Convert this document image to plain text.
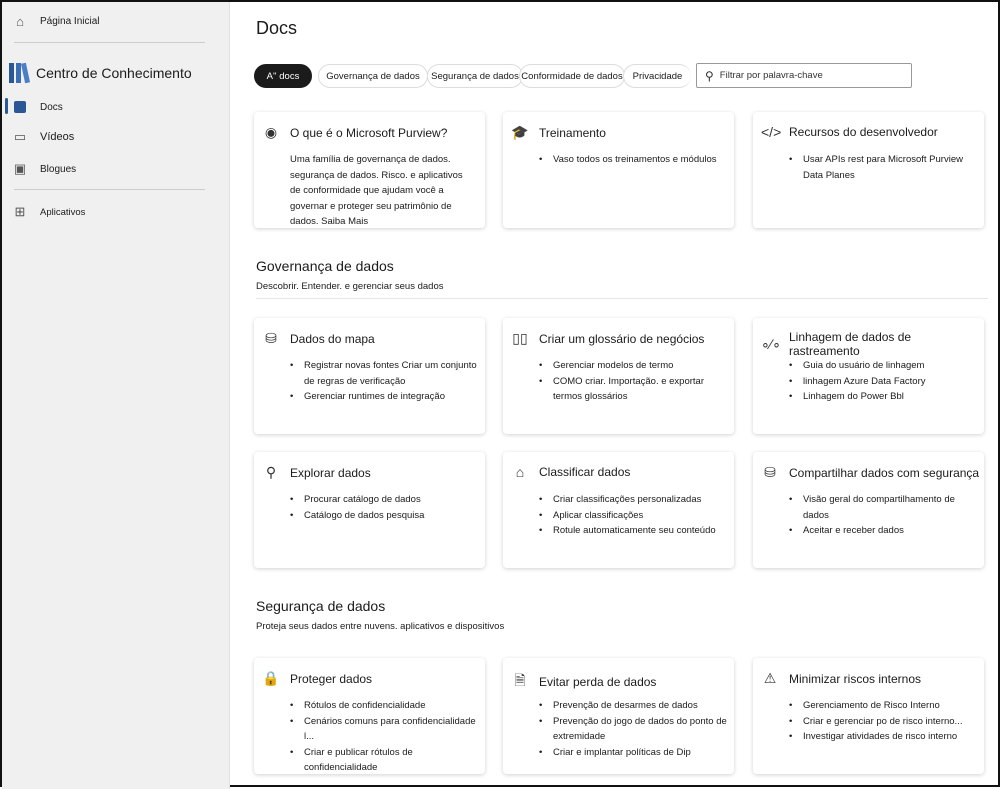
⌂	Página Inicial
Centro de Conhecimento
Docs
▭ Vídeos
▣ Blogues
⊞ Aplicativos
Docs
A'' docs	Governança de dados	Segurança de dados Conformidade de dados	Privacidade	⚲ Filtrar por palavra-chave
◉ O que é o Microsoft Purview?

Uma família de governança de dados. segurança de dados. Risco. e aplicativos de conformidade que ajudam você a governar e proteger seu patrimônio de dados. Saiba Mais

🎓 Treinamento
• Vaso todos os treinamentos e módulos
</> Recursos do desenvolvedor
• Usar APIs rest para Microsoft Purview Data Planes
Governança de dados
Descobrir. Entender. e gerenciar seus dados
⛁ Dados do mapa
• Registrar novas fontes Criar um conjunto de regras de verificação
• Gerenciar runtimes de integração
▯▯ Criar um glossário de negócios
• Gerenciar modelos de termo
• COMO criar. Importação. e exportar termos glossários
∘∕∘ Linhagem de dados de rastreamento
• Guia do usuário de linhagem
• linhagem Azure Data Factory
• Linhagem do Power Bbl
⚲	Explorar dados
• Procurar catálogo de dados
• Catálogo de dados pesquisa
⌂	Classificar dados
• Criar classificações personalizadas
• Aplicar classificações
• Rotule automaticamente seu conteúdo
⛁ Compartilhar dados com segurança
• Visão geral do compartilhamento de dados
• Aceitar e receber dados
Segurança de dados
Proteja seus dados entre nuvens. aplicativos e dispositivos
🔒 Proteger dados
• Rótulos de confidencialidade
• Cenários comuns para confidencialidade l...
• Criar e publicar rótulos de confidencialidade
🗎 Evitar perda de dados
• Prevenção de desarmes de dados
• Prevenção do jogo de dados do ponto de extremidade
• Criar e implantar políticas de Dip
⚠ Minimizar riscos internos
• Gerenciamento de Risco Interno
• Criar e gerenciar po de risco interno...
• Investigar atividades de risco interno
